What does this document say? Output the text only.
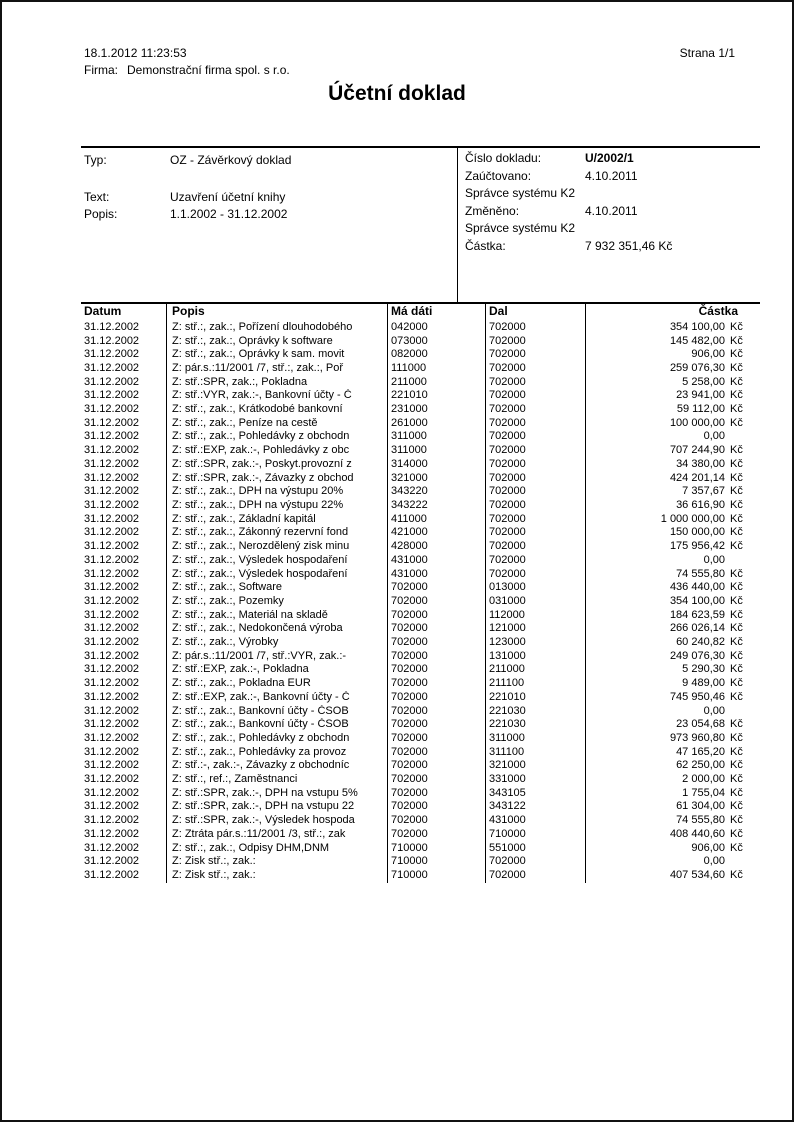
18.1.2012 11:23:53	Strana 1/1
Firma: Demonstrační firma spol. s r.o.
Účetní doklad
Typ:	OZ - Závěrkový doklad
Text:	Uzavření účetní knihy
Popis:	1.1.2002 - 31.12.2002
Číslo dokladu:	U/2002/1
Zaúčtovano:	4.10.2011
Správce systému K2
Změněno:	4.10.2011
Správce systému K2
Částka:	7 932 351,46 Kč
Datum	Popis	Má dáti	Dal	Částka
31.12.2002	Z: stř.:, zak.:, Pořízení dlouhodobého	042000	702000	354 100,00 Kč
31.12.2002	Z: stř.:, zak.:, Oprávky k software	073000	702000	145 482,00 Kč
31.12.2002	Z: stř.:, zak.:, Oprávky k sam. movit	082000	702000	906,00 Kč
31.12.2002	Z: pár.s.:11/2001 /7, stř.:, zak.:, Poř	111000	702000	259 076,30 Kč
31.12.2002	Z: stř.:SPR, zak.:, Pokladna	211000	702000	5 258,00 Kč
31.12.2002	Z: stř.:VYR, zak.:-, Bankovní účty - Č	221010	702000	23 941,00 Kč
31.12.2002	Z: stř.:, zak.:, Krátkodobé bankovní	231000	702000	59 112,00 Kč
31.12.2002	Z: stř.:, zak.:, Peníze na cestě	261000	702000	100 000,00 Kč
31.12.2002	Z: stř.:, zak.:, Pohledávky z obchodn	311000	702000	0,00
31.12.2002	Z: stř.:EXP, zak.:-, Pohledávky z obc	311000	702000	707 244,90 Kč
31.12.2002	Z: stř.:SPR, zak.:-, Poskyt.provozní z	314000	702000	34 380,00 Kč
31.12.2002	Z: stř.:SPR, zak.:-, Závazky z obchod	321000	702000	424 201,14 Kč
31.12.2002	Z: stř.:, zak.:, DPH na výstupu 20%	343220	702000	7 357,67 Kč
31.12.2002	Z: stř.:, zak.:, DPH na výstupu 22%	343222	702000	36 616,90 Kč
31.12.2002	Z: stř.:, zak.:, Základní kapitál	411000	702000	1 000 000,00 Kč
31.12.2002	Z: stř.:, zak.:, Zákonný rezervní fond	421000	702000	150 000,00 Kč
31.12.2002	Z: stř.:, zak.:, Nerozdělený zisk minu	428000	702000	175 956,42 Kč
31.12.2002	Z: stř.:, zak.:, Výsledek hospodaření	431000	702000	0,00
31.12.2002	Z: stř.:, zak.:, Výsledek hospodaření	431000	702000	74 555,80 Kč
31.12.2002	Z: stř.:, zak.:, Software	702000	013000	436 440,00 Kč
31.12.2002	Z: stř.:, zak.:, Pozemky	702000	031000	354 100,00 Kč
31.12.2002	Z: stř.:, zak.:, Materiál na skladě	702000	112000	184 623,59 Kč
31.12.2002	Z: stř.:, zak.:, Nedokončená výroba	702000	121000	266 026,14 Kč
31.12.2002	Z: stř.:, zak.:, Výrobky	702000	123000	60 240,82 Kč
31.12.2002	Z: pár.s.:11/2001 /7, stř.:VYR, zak.:-	702000	131000	249 076,30 Kč
31.12.2002	Z: stř.:EXP, zak.:-, Pokladna	702000	211000	5 290,30 Kč
31.12.2002	Z: stř.:, zak.:, Pokladna EUR	702000	211100	9 489,00 Kč
31.12.2002	Z: stř.:EXP, zak.:-, Bankovní účty - Č	702000	221010	745 950,46 Kč
31.12.2002	Z: stř.:, zak.:, Bankovní účty - ČSOB	702000	221030	0,00
31.12.2002	Z: stř.:, zak.:, Bankovní účty - ČSOB	702000	221030	23 054,68 Kč
31.12.2002	Z: stř.:, zak.:, Pohledávky z obchodn	702000	311000	973 960,80 Kč
31.12.2002	Z: stř.:, zak.:, Pohledávky za provoz	702000	311100	47 165,20 Kč
31.12.2002	Z: stř.:-, zak.:-, Závazky z obchodníc	702000	321000	62 250,00 Kč
31.12.2002	Z: stř.:, ref.:, Zaměstnanci	702000	331000	2 000,00 Kč
31.12.2002	Z: stř.:SPR, zak.:-, DPH na vstupu 5%	702000	343105	1 755,04 Kč
31.12.2002	Z: stř.:SPR, zak.:-, DPH na vstupu 22	702000	343122	61 304,00 Kč
31.12.2002	Z: stř.:SPR, zak.:-, Výsledek hospoda	702000	431000	74 555,80 Kč
31.12.2002	Z: Ztráta pár.s.:11/2001 /3, stř.:, zak	702000	710000	408 440,60 Kč
31.12.2002	Z: stř.:, zak.:, Odpisy DHM,DNM	710000	551000	906,00 Kč
31.12.2002	Z: Zisk stř.:, zak.:	710000	702000	0,00
31.12.2002	Z: Zisk stř.:, zak.:	710000	702000	407 534,60 Kč
